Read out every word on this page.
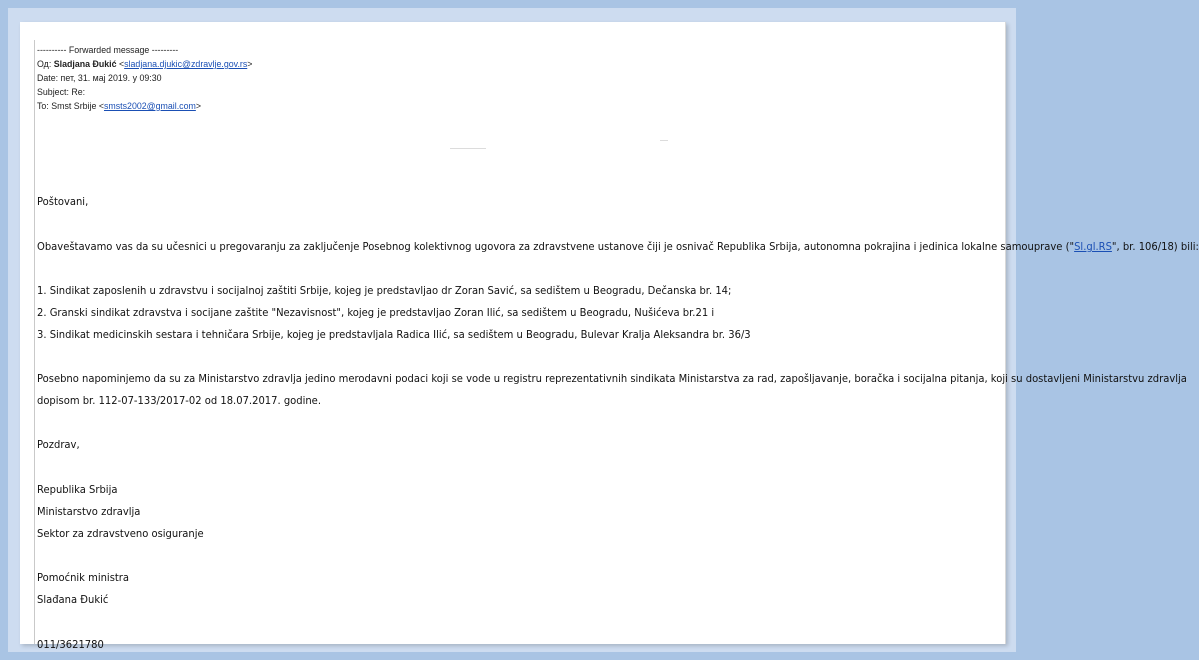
---------- Forwarded message ---------
Од: Sladjana Đukić <sladjana.djukic@zdravlje.gov.rs>
Date: пет, 31. мај 2019. у 09:30
Subject: Re:
To: Smst Srbije <smsts2002@gmail.com>
Poštovani,
Obaveštavamo vas da su učesnici u pregovaranju za zaključenje Posebnog kolektivnog ugovora za zdravstvene ustanove čiji je osnivač Republika Srbija, autonomna pokrajina i jedinica lokalne samouprave ("Sl.gl.RS", br. 106/18) bili:
1. Sindikat zaposlenih u zdravstvu i socijalnoj zaštiti Srbije, kojeg je predstavljao dr Zoran Savić, sa sedištem u Beogradu, Dečanska br. 14;
2. Granski sindikat zdravstva i socijane zaštite "Nezavisnost", kojeg je predstavljao Zoran Ilić, sa sedištem u Beogradu, Nušićeva br.21 i
3. Sindikat medicinskih sestara i tehničara Srbije, kojeg je predstavljala Radica Ilić, sa sedištem u Beogradu, Bulevar Kralja Aleksandra br. 36/3
Posebno napominjemo da su za Ministarstvo zdravlja jedino merodavni podaci koji se vode u registru reprezentativnih sindikata Ministarstva za rad, zapošljavanje, boračka i socijalna pitanja, koji su dostavljeni Ministarstvu zdravlja
dopisom br. 112-07-133/2017-02 od 18.07.2017. godine.
Pozdrav,
Republika Srbija
Ministarstvo zdravlja
Sektor za zdravstveno osiguranje
Pomoćnik ministra
Slađana Đukić
011/3621780
